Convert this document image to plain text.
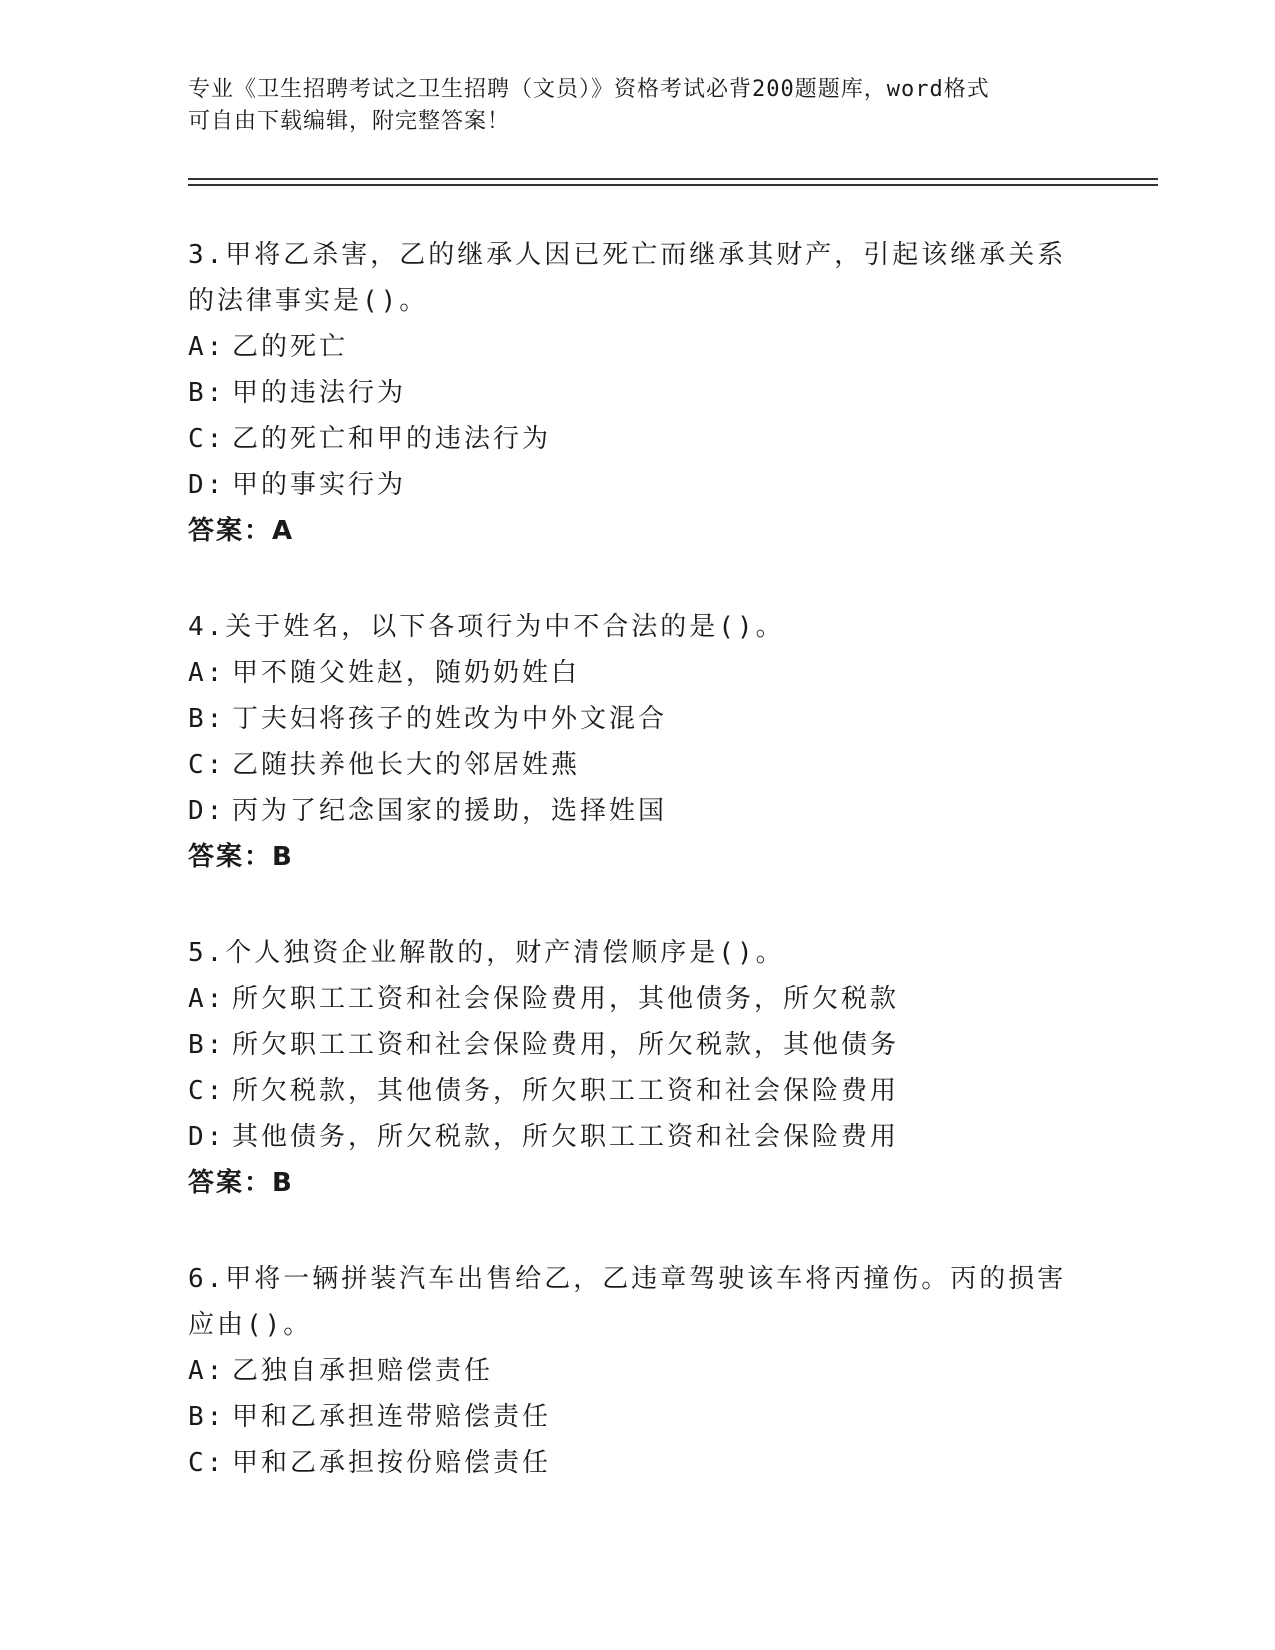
专业《卫生招聘考试之卫生招聘（文员）》资格考试必背200题题库，word格式
可自由下载编辑，附完整答案！
3.甲将乙杀害，乙的继承人因已死亡而继承其财产，引起该继承关系
的法律事实是()。
A: 乙的死亡
B: 甲的违法行为
C: 乙的死亡和甲的违法行为
D: 甲的事实行为
答案：A
4.关于姓名，以下各项行为中不合法的是()。
A: 甲不随父姓赵，随奶奶姓白
B: 丁夫妇将孩子的姓改为中外文混合
C: 乙随扶养他长大的邻居姓燕
D: 丙为了纪念国家的援助，选择姓国
答案：B
5.个人独资企业解散的，财产清偿顺序是()。
A: 所欠职工工资和社会保险费用，其他债务，所欠税款
B: 所欠职工工资和社会保险费用，所欠税款，其他债务
C: 所欠税款，其他债务，所欠职工工资和社会保险费用
D: 其他债务，所欠税款，所欠职工工资和社会保险费用
答案：B
6.甲将一辆拼装汽车出售给乙，乙违章驾驶该车将丙撞伤。丙的损害
应由()。
A: 乙独自承担赔偿责任
B: 甲和乙承担连带赔偿责任
C: 甲和乙承担按份赔偿责任
